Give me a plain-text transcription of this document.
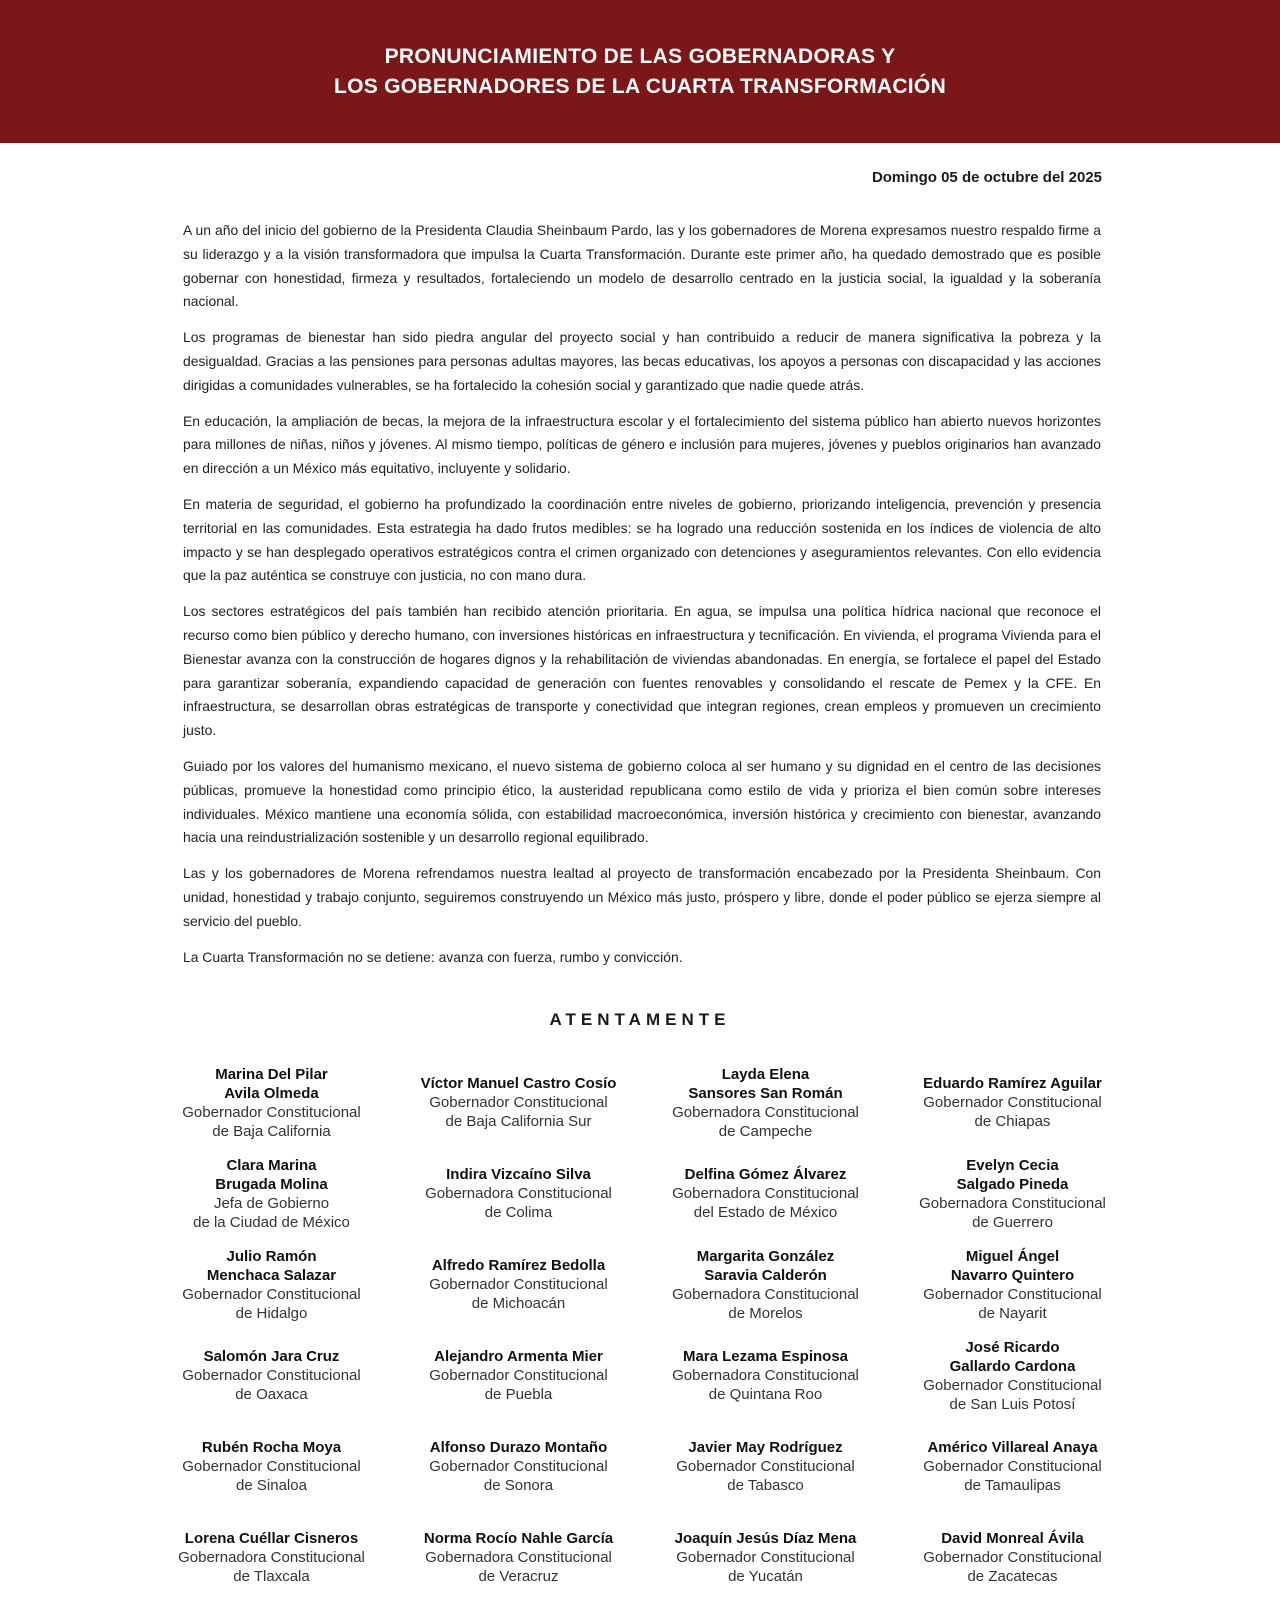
PRONUNCIAMIENTO DE LAS GOBERNADORAS Y
LOS GOBERNADORES DE LA CUARTA TRANSFORMACIÓN
Domingo 05 de octubre del 2025

A un año del inicio del gobierno de la Presidenta Claudia Sheinbaum Pardo, las y los gobernadores de Morena expresamos nuestro respaldo firme a su liderazgo y a la visión transformadora que impulsa la Cuarta Transformación. Durante este primer año, ha quedado demostrado que es posible gobernar con honestidad, firmeza y resultados, fortaleciendo un modelo de desarrollo centrado en la justicia social, la igualdad y la soberanía nacional.

Los programas de bienestar han sido piedra angular del proyecto social y han contribuido a reducir de manera significativa la pobreza y la desigualdad. Gracias a las pensiones para personas adultas mayores, las becas educativas, los apoyos a personas con discapacidad y las acciones dirigidas a comunidades vulnerables, se ha fortalecido la cohesión social y garantizado que nadie quede atrás.

En educación, la ampliación de becas, la mejora de la infraestructura escolar y el fortalecimiento del sistema público han abierto nuevos horizontes para millones de niñas, niños y jóvenes. Al mismo tiempo, políticas de género e inclusión para mujeres, jóvenes y pueblos originarios han avanzado en dirección a un México más equitativo, incluyente y solidario.

En materia de seguridad, el gobierno ha profundizado la coordinación entre niveles de gobierno, priorizando inteligencia, prevención y presencia territorial en las comunidades. Esta estrategia ha dado frutos medibles: se ha logrado una reducción sostenida en los índices de violencia de alto impacto y se han desplegado operativos estratégicos contra el crimen organizado con detenciones y aseguramientos relevantes. Con ello evidencia que la paz auténtica se construye con justicia, no con mano dura.

Los sectores estratégicos del país también han recibido atención prioritaria. En agua, se impulsa una política hídrica nacional que reconoce el recurso como bien público y derecho humano, con inversiones históricas en infraestructura y tecnificación. En vivienda, el programa Vivienda para el Bienestar avanza con la construcción de hogares dignos y la rehabilitación de viviendas abandonadas. En energía, se fortalece el papel del Estado para garantizar soberanía, expandiendo capacidad de generación con fuentes renovables y consolidando el rescate de Pemex y la CFE. En infraestructura, se desarrollan obras estratégicas de transporte y conectividad que integran regiones, crean empleos y promueven un crecimiento justo.

Guiado por los valores del humanismo mexicano, el nuevo sistema de gobierno coloca al ser humano y su dignidad en el centro de las decisiones públicas, promueve la honestidad como principio ético, la austeridad republicana como estilo de vida y prioriza el bien común sobre intereses individuales. México mantiene una economía sólida, con estabilidad macroeconómica, inversión histórica y crecimiento con bienestar, avanzando hacia una reindustrialización sostenible y un desarrollo regional equilibrado.

Las y los gobernadores de Morena refrendamos nuestra lealtad al proyecto de transformación encabezado por la Presidenta Sheinbaum. Con unidad, honestidad y trabajo conjunto, seguiremos construyendo un México más justo, próspero y libre, donde el poder público se ejerza siempre al servicio del pueblo.

La Cuarta Transformación no se detiene: avanza con fuerza, rumbo y convicción.

ATENTAMENTE
Marina Del Pilar
Avila Olmeda
Gobernador Constitucional
de Baja California
Víctor Manuel Castro Cosío
Gobernador Constitucional
de Baja California Sur
Layda Elena
Sansores San Román
Gobernadora Constitucional
de Campeche
Eduardo Ramírez Aguilar
Gobernador Constitucional
de Chiapas
Clara Marina
Brugada Molina
Jefa de Gobierno
de la Ciudad de México
Indira Vizcaíno Silva
Gobernadora Constitucional
de Colima
Delfina Gómez Álvarez
Gobernadora Constitucional
del Estado de México
Evelyn Cecia
Salgado Pineda
Gobernadora Constitucional
de Guerrero
Julio Ramón
Menchaca Salazar
Gobernador Constitucional
de Hidalgo
Alfredo Ramírez Bedolla
Gobernador Constitucional
de Michoacán
Margarita González
Saravia Calderón
Gobernadora Constitucional
de Morelos
Miguel Ángel
Navarro Quintero
Gobernador Constitucional
de Nayarit
Salomón Jara Cruz
Gobernador Constitucional
de Oaxaca
Alejandro Armenta Mier
Gobernador Constitucional
de Puebla
Mara Lezama Espinosa
Gobernadora Constitucional
de Quintana Roo
José Ricardo
Gallardo Cardona
Gobernador Constitucional
de San Luis Potosí
Rubén Rocha Moya
Gobernador Constitucional
de Sinaloa
Alfonso Durazo Montaño
Gobernador Constitucional
de Sonora
Javier May Rodríguez
Gobernador Constitucional
de Tabasco
Américo Villareal Anaya
Gobernador Constitucional
de Tamaulipas
Lorena Cuéllar Cisneros
Gobernadora Constitucional
de Tlaxcala
Norma Rocío Nahle García
Gobernadora Constitucional
de Veracruz
Joaquín Jesús Díaz Mena
Gobernador Constitucional
de Yucatán
David Monreal Ávila
Gobernador Constitucional
de Zacatecas
